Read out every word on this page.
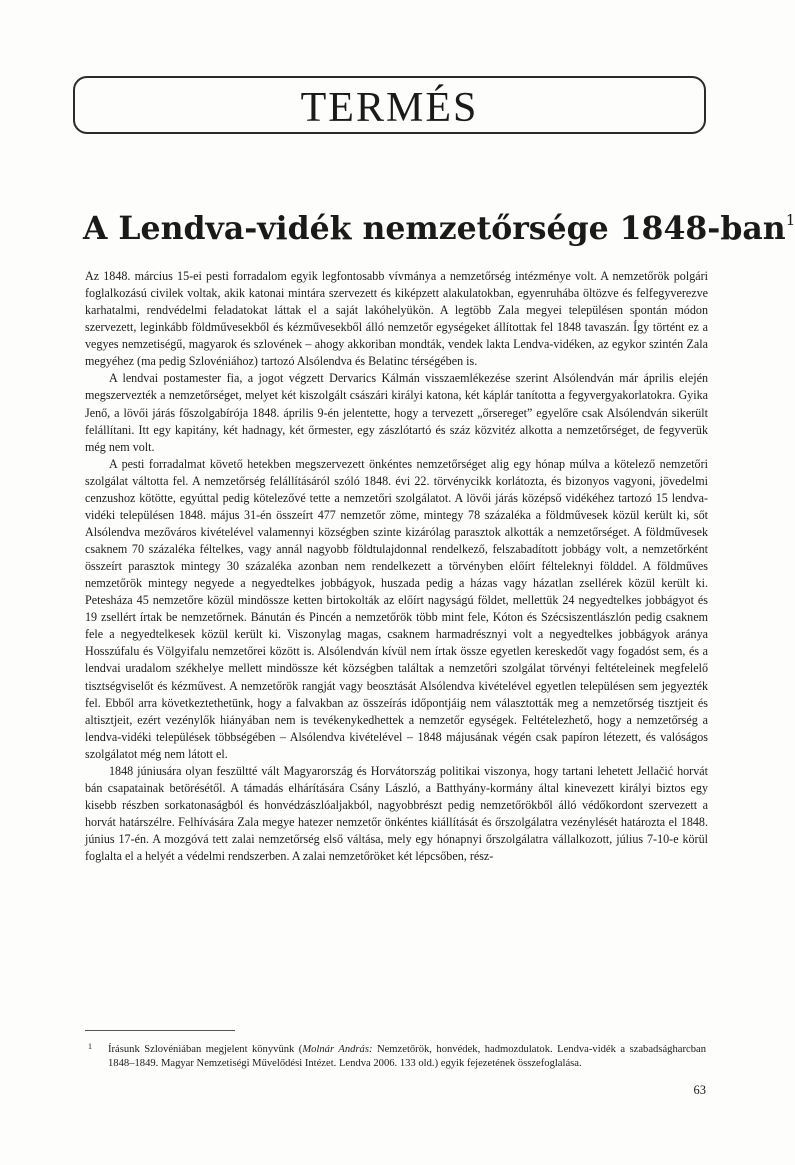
TERMÉS
A Lendva-vidék nemzetőrsége 1848-ban$^1$

Az 1848. március 15-ei pesti forradalom egyik legfontosabb vívmánya a nemzetőrség intézménye volt. A nemzetőrök polgári foglalkozású civilek voltak, akik katonai mintára szervezett és kiképzett alakulatokban, egyenruhába öltözve és felfegyverezve karhatalmi, rendvédelmi feladatokat láttak el a saját lakóhelyükön. A legtöbb Zala megyei településen spontán módon szervezett, leginkább földművesekből és kézművesekből álló nemzetőr egységeket állítottak fel 1848 tavaszán. Így történt ez a vegyes nemzetiségű, magyarok és szlovének – ahogy akkoriban mondták, vendek lakta Lendva-vidéken, az egykor szintén Zala megyéhez (ma pedig Szlovéniához) tartozó Alsólendva és Belatinc térségében is.

A lendvai postamester fia, a jogot végzett Dervarics Kálmán visszaemlékezése szerint Alsólendván már április elején megszervezték a nemzetőrséget, melyet két kiszolgált császári királyi katona, két káplár tanította a fegyvergyakorlatokra. Gyika Jenő, a lövői járás főszolgabírója 1848. április 9-én jelentette, hogy a tervezett „őrsereget” egyelőre csak Alsólendván sikerült felállítani. Itt egy kapitány, két hadnagy, két őrmester, egy zászlótartó és száz közvitéz alkotta a nemzetőrséget, de fegyverük még nem volt.

A pesti forradalmat követő hetekben megszervezett önkéntes nemzetőrséget alig egy hónap múlva a kötelező nemzetőri szolgálat váltotta fel. A nemzetőrség felállításáról szóló 1848. évi 22. törvénycikk korlátozta, és bizonyos vagyoni, jövedelmi cenzushoz kötötte, egyúttal pedig kötelezővé tette a nemzetőri szolgálatot. A lövői járás középső vidékéhez tartozó 15 lendva-vidéki településen 1848. május 31-én összeírt 477 nemzetőr zöme, mintegy 78 százaléka a földművesek közül került ki, sőt Alsólendva mezőváros kivételével valamennyi községben szinte kizárólag parasztok alkották a nemzetőrséget. A földművesek csaknem 70 százaléka féltelkes, vagy annál nagyobb földtulajdonnal rendelkező, felszabadított jobbágy volt, a nemzetőrként összeírt parasztok mintegy 30 százaléka azonban nem rendelkezett a törvényben előírt félteleknyi földdel. A földműves nemzetőrök mintegy negyede a negyedtelkes jobbágyok, huszada pedig a házas vagy házatlan zsellérek közül került ki. Petesháza 45 nemzetőre közül mindössze ketten birtokolták az előírt nagyságú földet, mellettük 24 negyedtelkes jobbágyot és 19 zsellért írtak be nemzetőrnek. Bánután és Pincén a nemzetőrök több mint fele, Kóton és Szécsiszentlászlón pedig csaknem fele a negyedtelkesek közül került ki. Viszonylag magas, csaknem harmadrésznyi volt a negyedtelkes jobbágyok aránya Hosszúfalu és Völgyifalu nemzetőrei között is. Alsólendván kívül nem írtak össze egyetlen kereskedőt vagy fogadóst sem, és a lendvai uradalom székhelye mellett mindössze két községben találtak a nemzetőri szolgálat törvényi feltételeinek megfelelő tisztségviselőt és kézművest. A nemzetőrök rangját vagy beosztását Alsólendva kivételével egyetlen településen sem jegyezték fel. Ebből arra következtethetünk, hogy a falvakban az összeírás időpontjáig nem választották meg a nemzetőrség tisztjeit és altisztjeit, ezért vezénylők hiányában nem is tevékenykedhettek a nemzetőr egységek. Feltételezhető, hogy a nemzetőrség a lendva-vidéki települések többségében – Alsólendva kivételével – 1848 májusának végén csak papíron létezett, és valóságos szolgálatot még nem látott el.

1848 júniusára olyan feszültté vált Magyarország és Horvátország politikai viszonya, hogy tartani lehetett Jellačić horvát bán csapatainak betörésétől. A támadás elhárítására Csány László, a Batthyány-kormány által kinevezett királyi biztos egy kisebb részben sorkatonaságból és honvédzászlóaljakból, nagyobbrészt pedig nemzetőrökből álló védőkordont szervezett a horvát határszélre. Felhívására Zala megye hatezer nemzetőr önkéntes kiállítását és őrszolgálatra vezénylését határozta el 1848. június 17-én. A mozgóvá tett zalai nemzetőrség első váltása, mely egy hónapnyi őrszolgálatra vállalkozott, július 7-10-e körül foglalta el a helyét a védelmi rendszerben. A zalai nemzetőröket két lépcsőben, rész-

1 Írásunk Szlovéniában megjelent könyvünk (Molnár András: Nemzetőrök, honvédek, hadmozdulatok. Lendva-vidék a szabadságharcban 1848–1849. Magyar Nemzetiségi Művelődési Intézet. Lendva 2006. 133 old.) egyik fejezetének összefoglalása.
63
